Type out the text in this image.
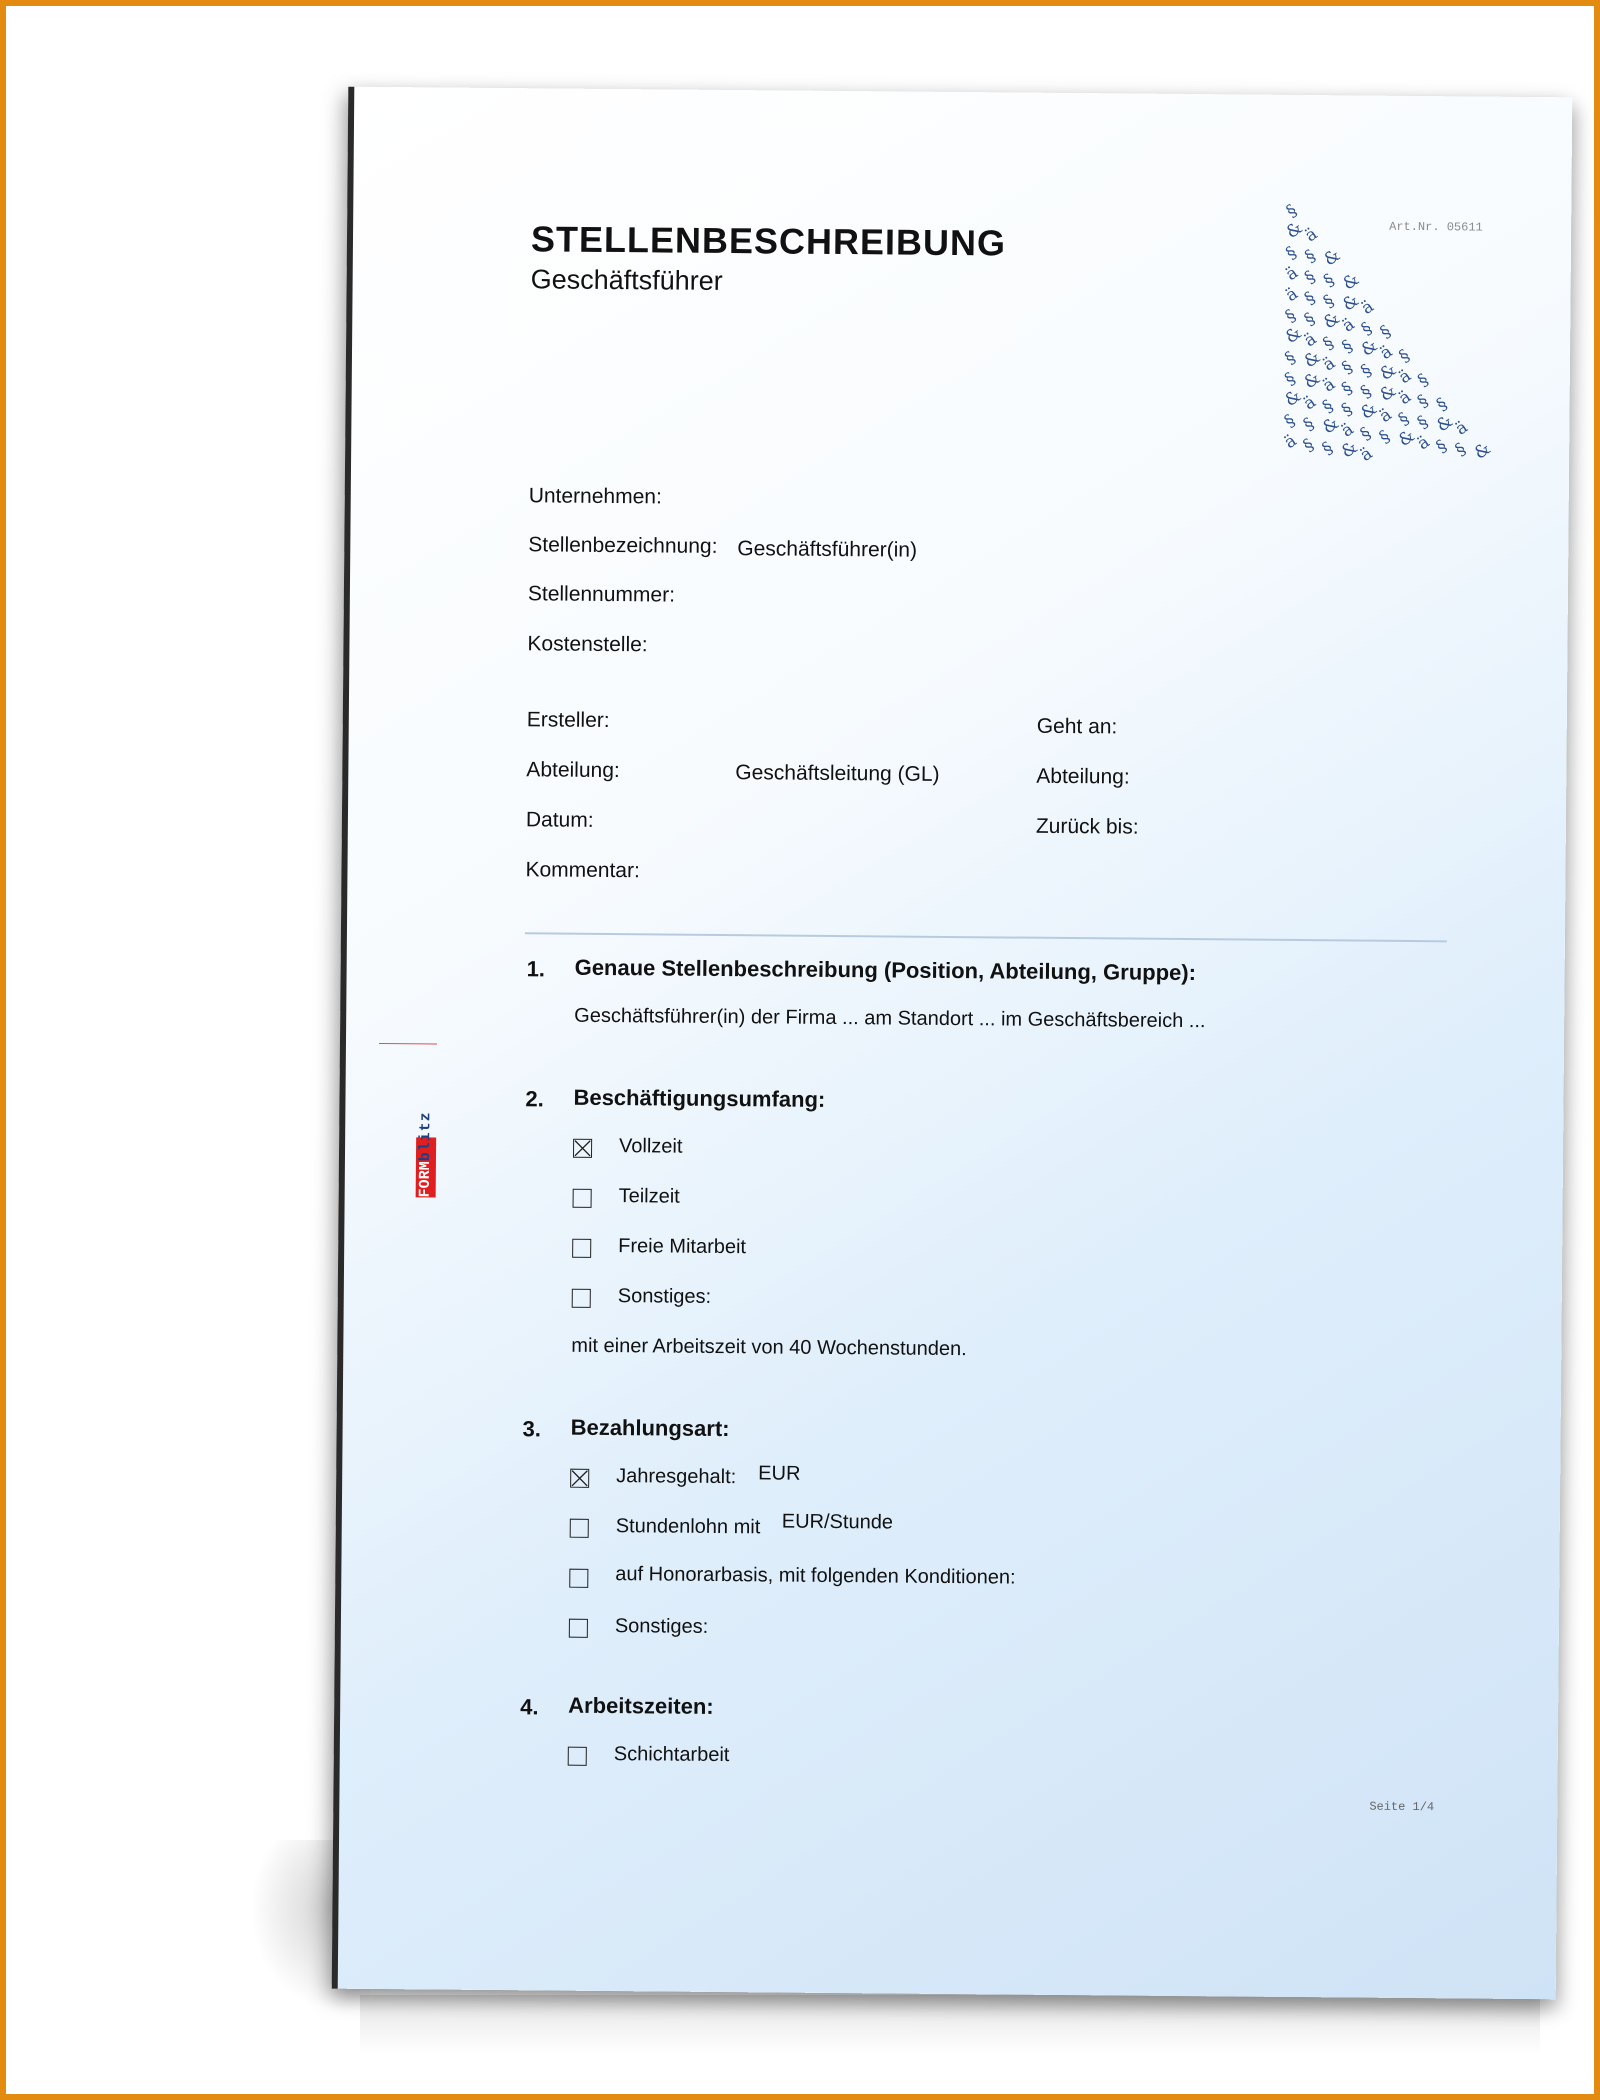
STELLENBESCHREIBUNG
Geschäftsführer
Art.Nr. 05611
§
&
ä
§ § &
ä § § &
ä § § &
ä
§ § &
ä § §
&
ä § § &
ä §
§ &
ä § § &
ä §
§ &
ä § § &
ä § §
&
ä § § &
ä § § &
ä
§ § &
ä § § &
ä § § &
ä § § &
ä
Unternehmen:
Stellenbezeichnung: Geschäftsführer(in)
Stellennummer:
Kostenstelle:
Ersteller:
Abteilung:	Geschäftsleitung (GL)
Datum:
Kommentar:
Geht an:
Abteilung:
Zurück bis:
1. Genaue Stellenbeschreibung (Position, Abteilung, Gruppe):
Geschäftsführer(in) der Firma ... am Standort ... im Geschäftsbereich ...
2. Beschäftigungsumfang:
Vollzeit
Teilzeit
Freie Mitarbeit
Sonstiges:
mit einer Arbeitszeit von 40 Wochenstunden.
3. Bezahlungsart:
Jahresgehalt: EUR
Stundenlohn mit EUR/Stunde
auf Honorarbasis, mit folgenden Konditionen:
Sonstiges:
4. Arbeitszeiten:
Schichtarbeit
FORMblitz
Seite 1/4
